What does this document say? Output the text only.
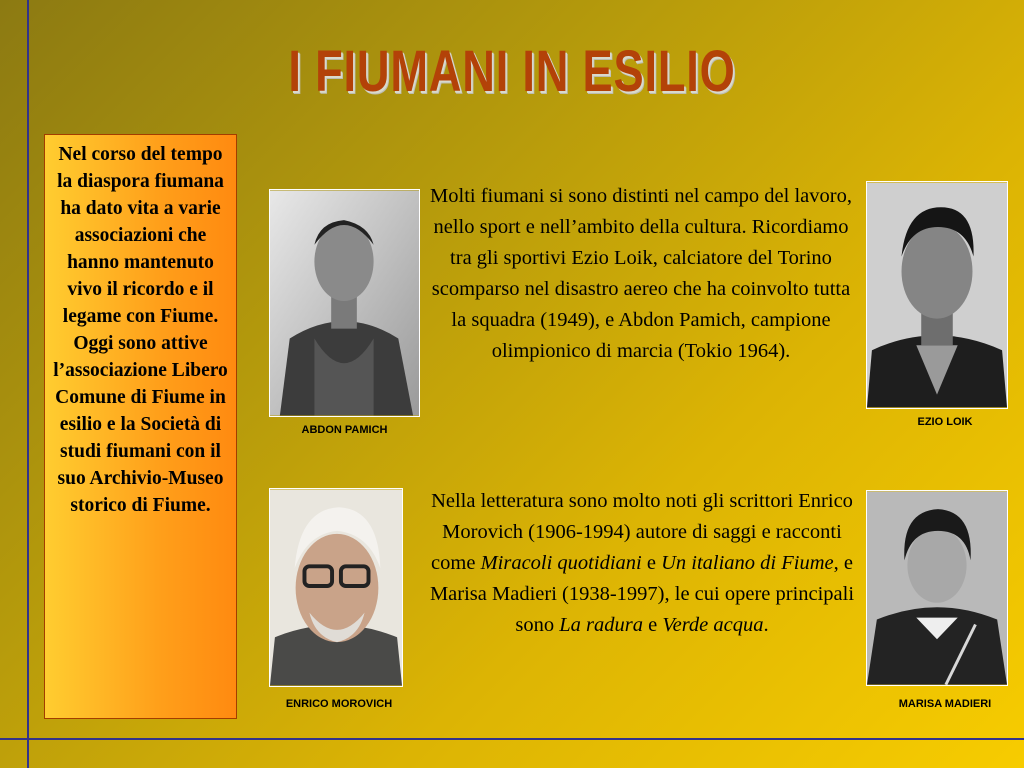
I FIUMANI IN ESILIO
Nel corso del tempo la diaspora fiumana ha dato vita a varie associazioni che hanno mantenuto vivo il ricordo e il legame con Fiume. Oggi sono attive l’associazione Libero Comune di Fiume in esilio e la Società di studi fiumani con il suo Archivio-Museo storico di Fiume.
ABDON PAMICH
EZIO LOIK
ENRICO MOROVICH	MARISA MADIERI
Molti fiumani si sono distinti nel campo del lavoro, nello sport e nell’ambito della cultura. Ricordiamo tra gli sportivi Ezio Loik, calciatore del Torino scomparso nel disastro aereo che ha coinvolto tutta la squadra (1949), e Abdon Pamich, campione olimpionico di marcia (Tokio 1964).
Nella letteratura sono molto noti gli scrittori Enrico Morovich (1906-1994) autore di saggi e racconti come Miracoli quotidiani e Un italiano di Fiume, e Marisa Madieri (1938-1997), le cui opere principali sono La radura e Verde acqua.
